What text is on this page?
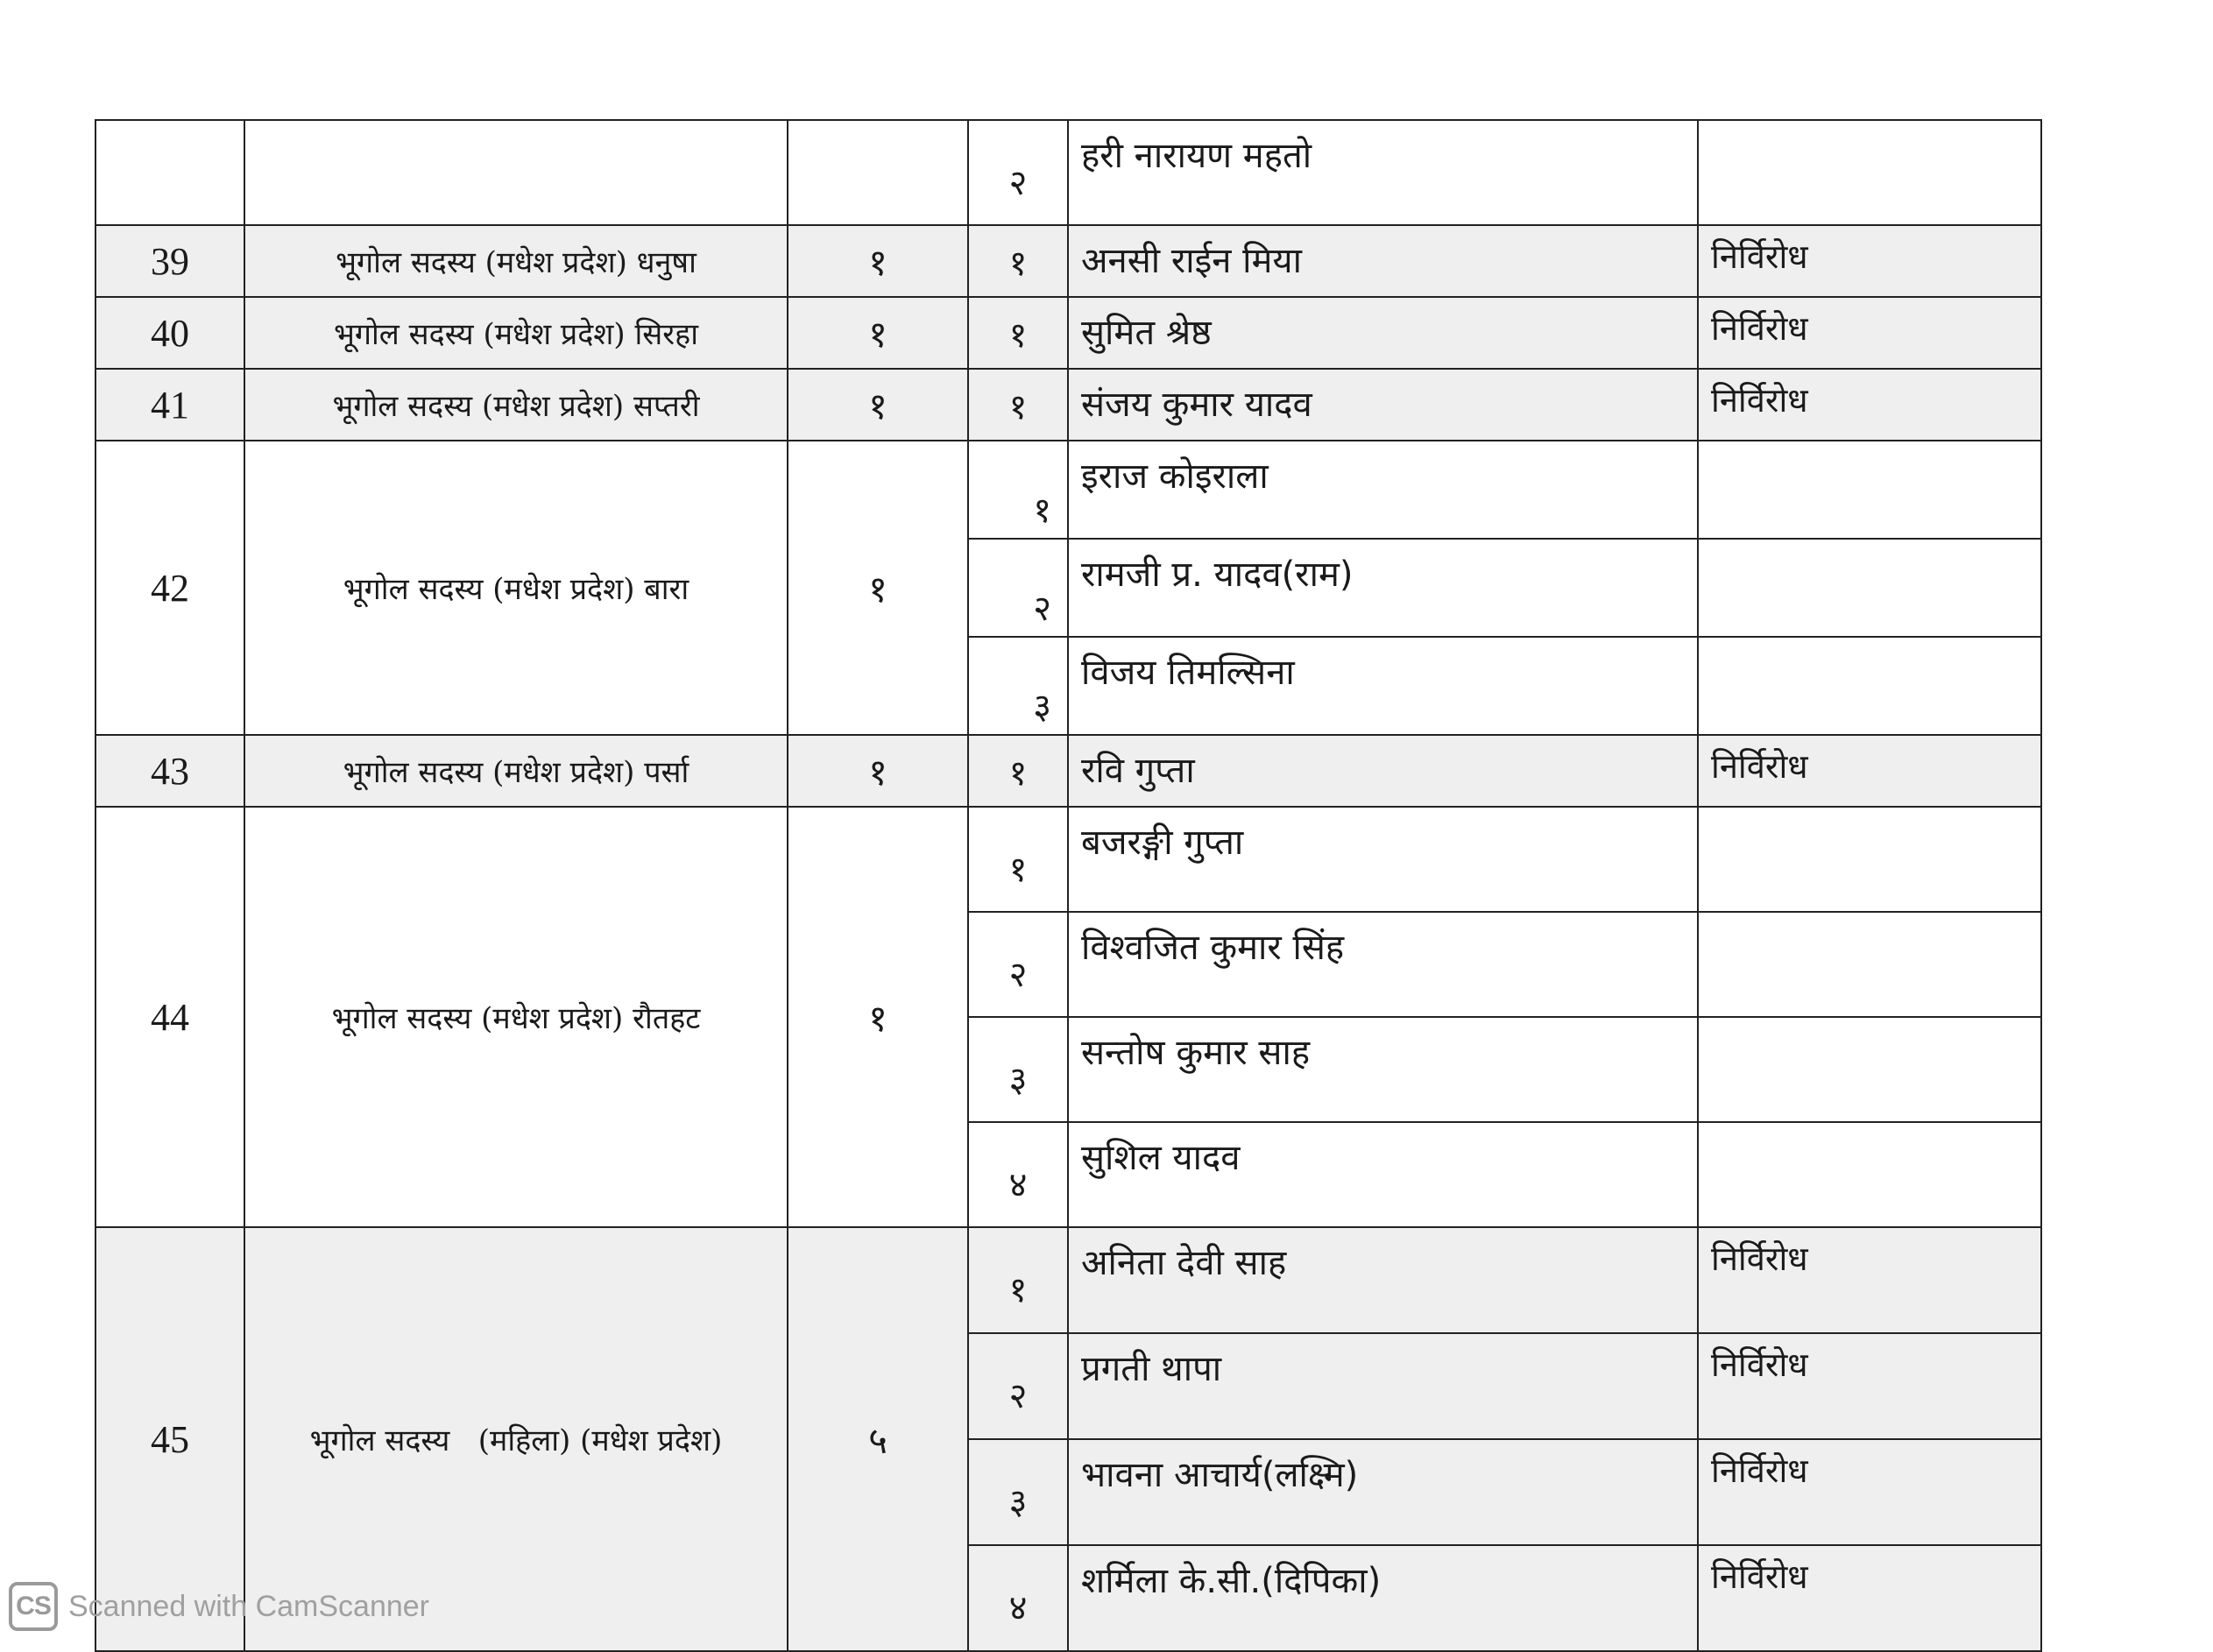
			२	हरी नारायण महतो	
39	भूगोल सदस्य (मधेश प्रदेश) धनुषा	१	१	अनसी राईन मिया	निर्विरोध
40	भूगोल सदस्य (मधेश प्रदेश) सिरहा	१	१	सुमित श्रेष्ठ	निर्विरोध
41	भूगोल सदस्य (मधेश प्रदेश) सप्तरी	१	१	संजय कुमार यादव	निर्विरोध
42	भूगोल सदस्य (मधेश प्रदेश) बारा	१	१	इराज कोइराला	
			२	रामजी प्र. यादव(राम)	
			३	विजय तिमल्सिना	
43	भूगोल सदस्य (मधेश प्रदेश) पर्सा	१	१	रवि गुप्ता	निर्विरोध
44	भूगोल सदस्य (मधेश प्रदेश) रौतहट	१	१	बजरङ्गी गुप्ता	
			२	विश्वजित कुमार सिंह	
			३	सन्तोष कुमार साह	
			४	सुशिल यादव	
45	भूगोल सदस्य   (महिला) (मधेश प्रदेश)	५	१	अनिता देवी साह	निर्विरोध
			२	प्रगती थापा	निर्विरोध
			३	भावना आचार्य(लक्ष्मि)	निर्विरोध
			४	शर्मिला के.सी.(दिपिका)	निर्विरोध
CS Scanned with CamScanner
